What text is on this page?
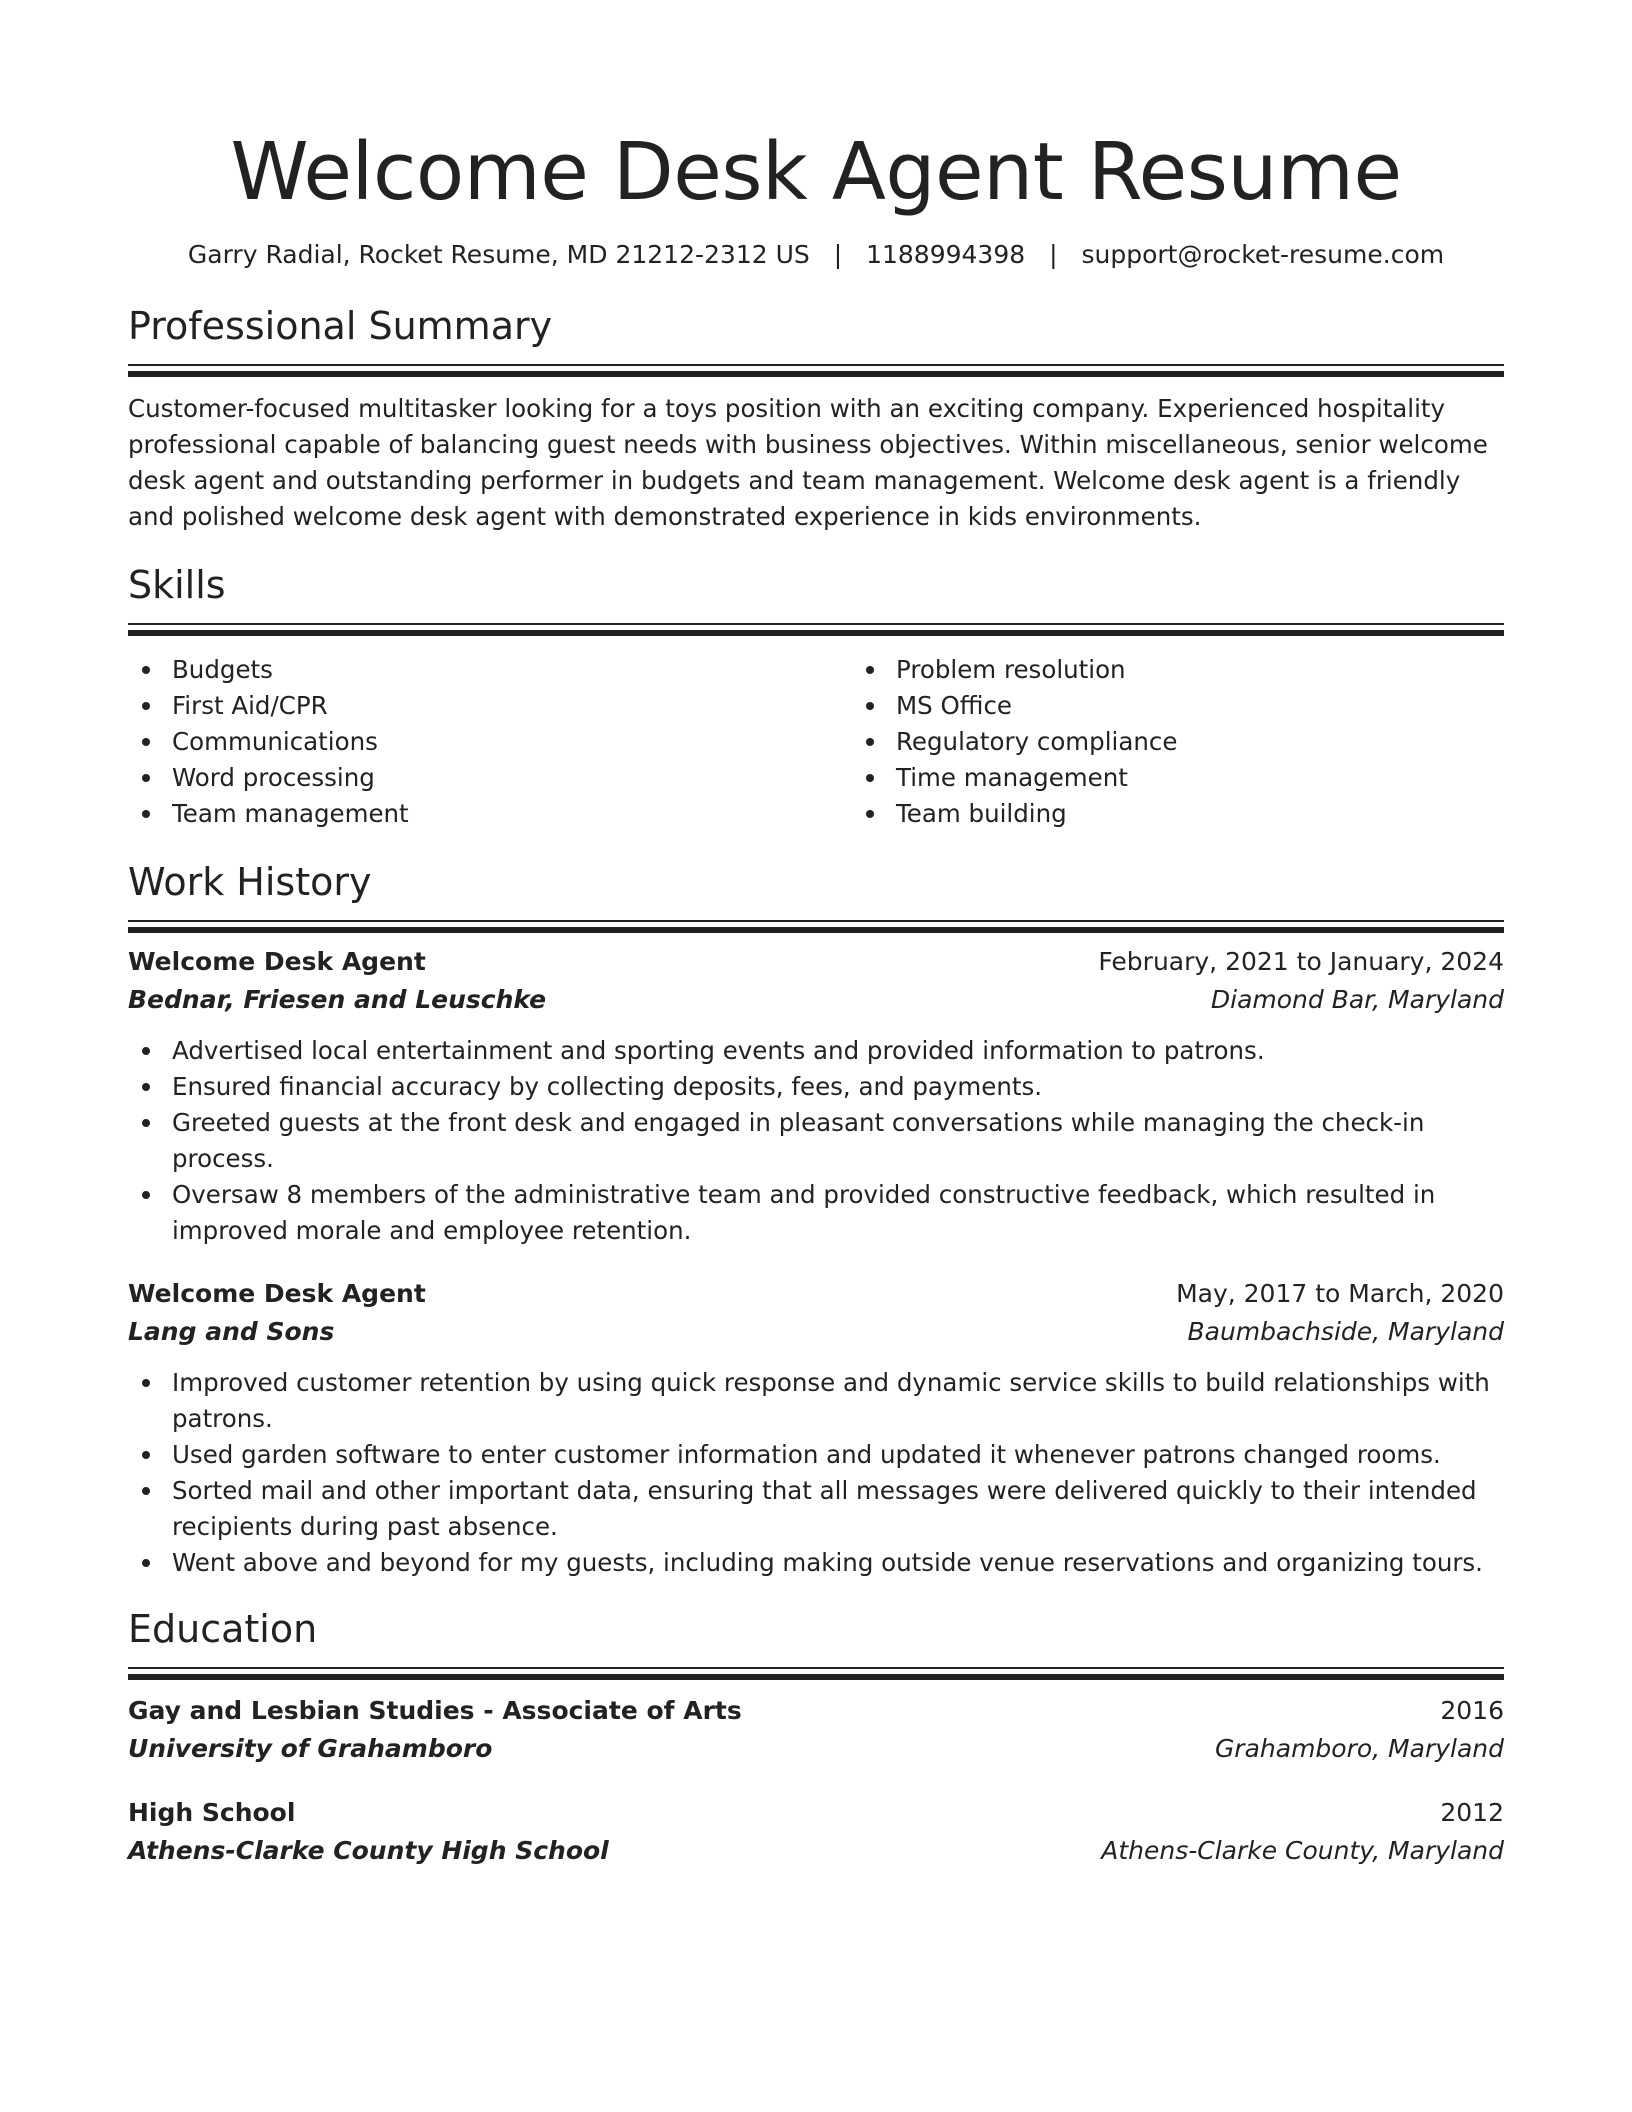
Welcome Desk Agent Resume
Garry Radial, Rocket Resume, MD 21212-2312 US | 1188994398 | support@rocket-resume.com
Professional Summary

Customer-focused multitasker looking for a toys position with an exciting company. Experienced hospitality professional capable of balancing guest needs with business objectives. Within miscellaneous, senior welcome desk agent and outstanding performer in budgets and team management. Welcome desk agent is a friendly and polished welcome desk agent with demonstrated experience in kids environments.

Skills
Budgets
First Aid/CPR
Communications
Word processing
Team management
Problem resolution
MS Office
Regulatory compliance
Time management
Team building
Work History
Welcome Desk Agent	February, 2021 to January, 2024
Bednar, Friesen and Leuschke	Diamond Bar, Maryland
Advertised local entertainment and sporting events and provided information to patrons.
Ensured financial accuracy by collecting deposits, fees, and payments.
Greeted guests at the front desk and engaged in pleasant conversations while managing the check-in process.
Oversaw 8 members of the administrative team and provided constructive feedback, which resulted in improved morale and employee retention.
Welcome Desk Agent	May, 2017 to March, 2020
Lang and Sons	Baumbachside, Maryland
Improved customer retention by using quick response and dynamic service skills to build relationships with patrons.
Used garden software to enter customer information and updated it whenever patrons changed rooms.
Sorted mail and other important data, ensuring that all messages were delivered quickly to their intended recipients during past absence.
Went above and beyond for my guests, including making outside venue reservations and organizing tours.
Education
Gay and Lesbian Studies - Associate of Arts	2016
University of Grahamboro	Grahamboro, Maryland
High School	2012
Athens-Clarke County High School	Athens-Clarke County, Maryland
